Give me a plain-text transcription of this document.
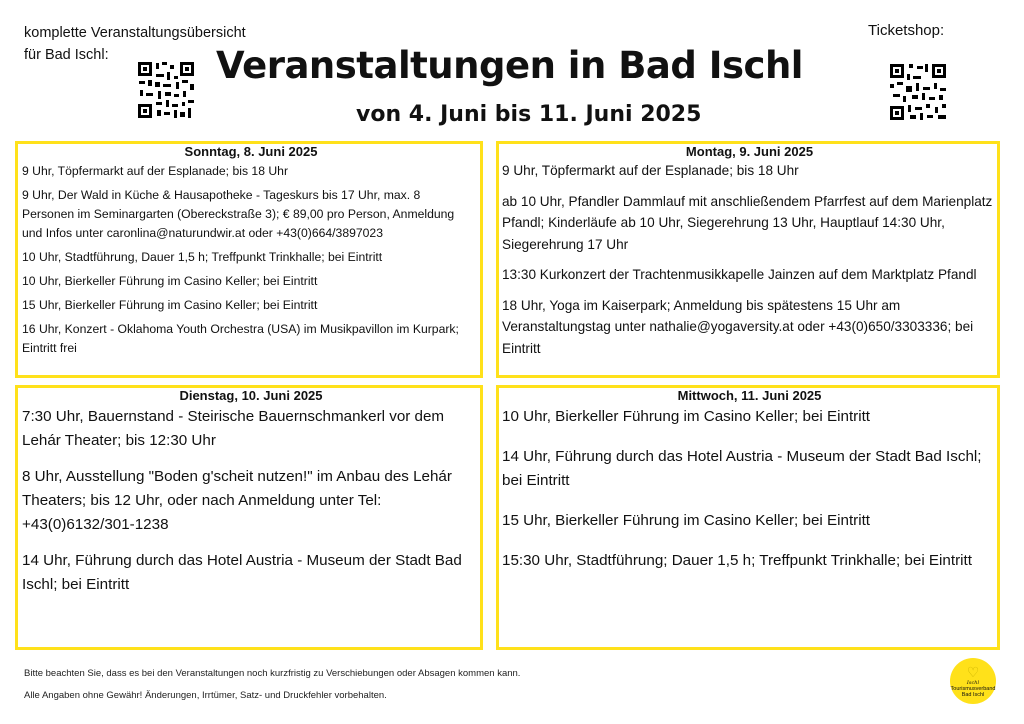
komplette Veranstaltungsübersicht
für Bad Ischl:
Ticketshop:
Veranstaltungen in Bad Ischl
von 4. Juni bis 11. Juni 2025
Sonntag, 8. Juni 2025
9 Uhr, Töpfermarkt auf der Esplanade; bis 18 Uhr
9 Uhr, Der Wald in Küche & Hausapotheke - Tageskurs bis 17 Uhr, max. 8 Personen im Seminargarten (Obereckstraße 3); € 89,00 pro Person, Anmeldung und Infos unter caronlina@naturundwir.at oder +43(0)664/3897023
10 Uhr, Stadtführung, Dauer 1,5 h; Treffpunkt Trinkhalle; bei Eintritt
10 Uhr, Bierkeller Führung im Casino Keller; bei Eintritt
15 Uhr, Bierkeller Führung im Casino Keller; bei Eintritt
16 Uhr, Konzert - Oklahoma Youth Orchestra (USA) im Musikpavillon im Kurpark; Eintritt frei
Montag, 9. Juni 2025
9 Uhr, Töpfermarkt auf der Esplanade; bis 18 Uhr
ab 10 Uhr, Pfandler Dammlauf mit anschließendem Pfarrfest auf dem Marienplatz Pfandl; Kinderläufe ab 10 Uhr, Siegerehrung 13 Uhr, Hauptlauf 14:30 Uhr, Siegerehrung 17 Uhr
13:30 Kurkonzert der Trachtenmusikkapelle Jainzen auf dem Marktplatz Pfandl
18 Uhr, Yoga im Kaiserpark; Anmeldung bis spätestens 15 Uhr am Veranstaltungstag unter nathalie@yogaversity.at oder +43(0)650/3303336; bei Eintritt
Dienstag, 10. Juni 2025
7:30 Uhr, Bauernstand - Steirische Bauernschmankerl vor dem Lehár Theater; bis 12:30 Uhr
8 Uhr, Ausstellung "Boden g'scheit nutzen!" im Anbau des Lehár Theaters; bis 12 Uhr, oder nach Anmeldung unter Tel: +43(0)6132/301-1238
14 Uhr, Führung durch das Hotel Austria - Museum der Stadt Bad Ischl; bei Eintritt
Mittwoch, 11. Juni 2025
10 Uhr, Bierkeller Führung im Casino Keller; bei Eintritt
14 Uhr, Führung durch das Hotel Austria - Museum der Stadt Bad Ischl; bei Eintritt
15 Uhr, Bierkeller Führung im Casino Keller; bei Eintritt
15:30 Uhr, Stadtführung; Dauer 1,5 h; Treffpunkt Trinkhalle; bei Eintritt
Bitte beachten Sie, dass es bei den Veranstaltungen noch kurzfristig zu Verschiebungen oder Absagen kommen kann.
Alle Angaben ohne Gewähr! Änderungen, Irrtümer, Satz- und Druckfehler vorbehalten.
♡
Ischl
Tourismusverband
Bad Ischl
